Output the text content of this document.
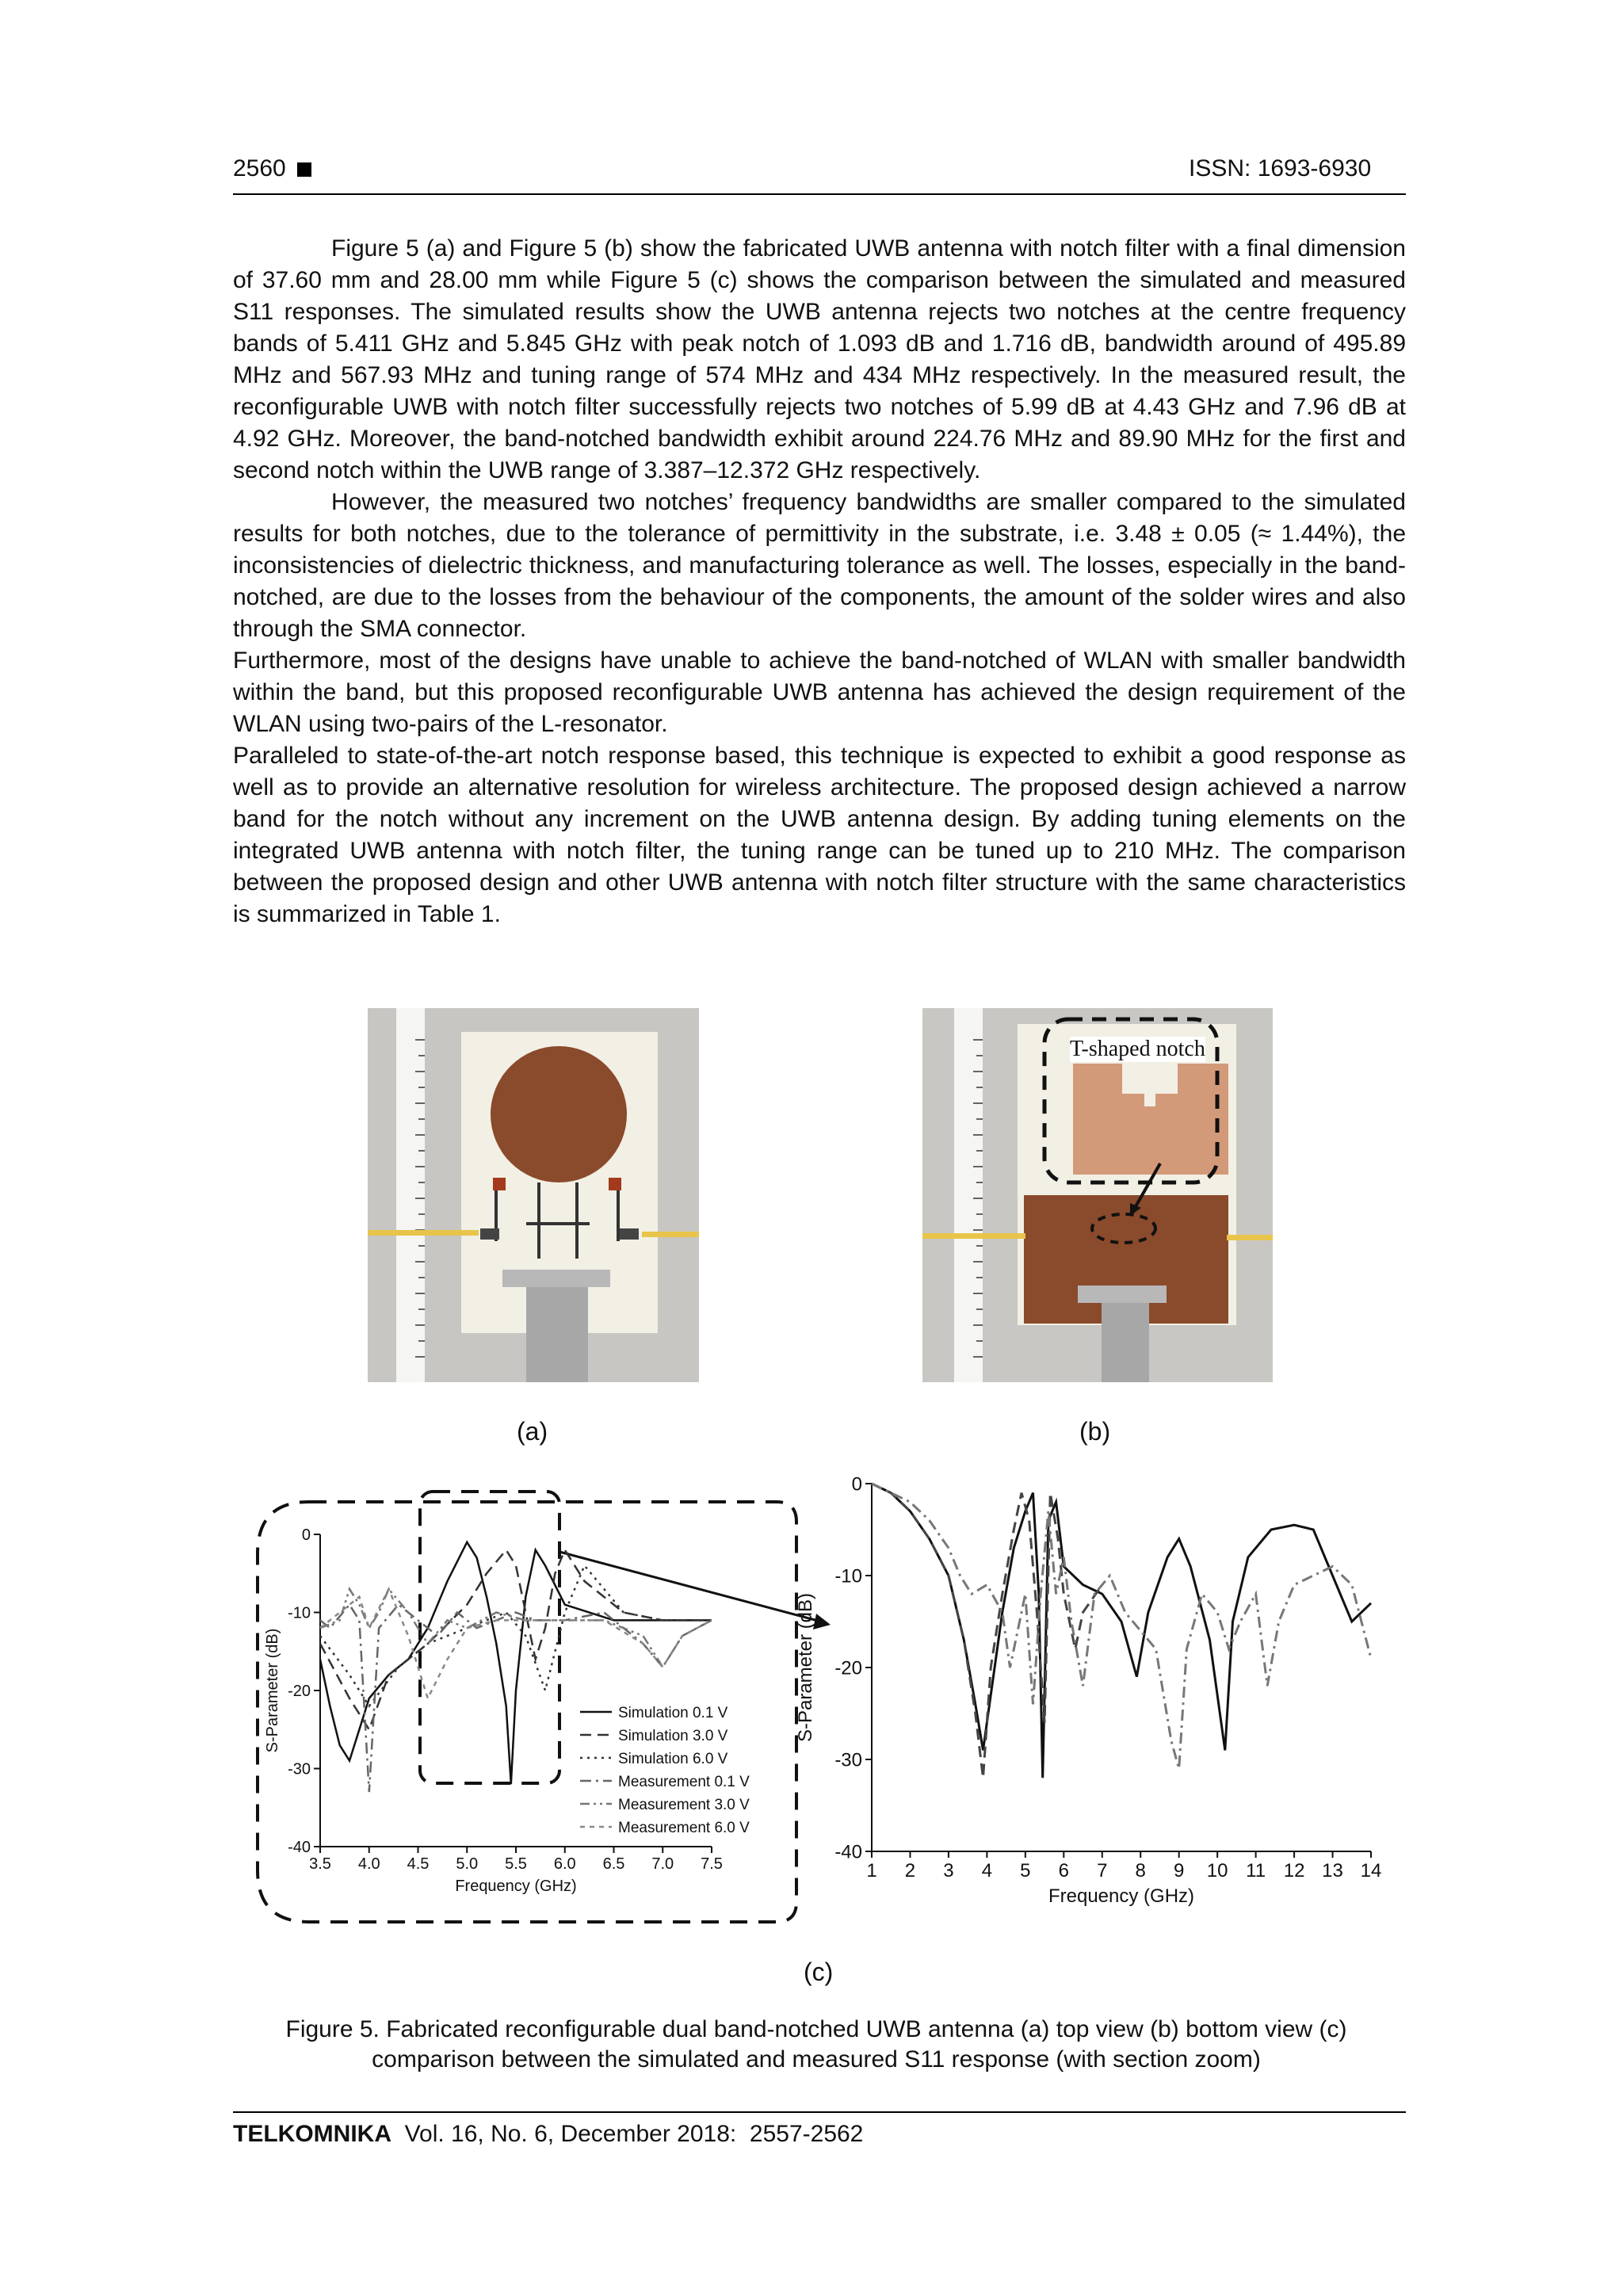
2560	ISSN: 1693-6930

Figure 5 (a) and Figure 5 (b) show the fabricated UWB antenna with notch filter with a final dimension of 37.60 mm and 28.00 mm while Figure 5 (c) shows the comparison between the simulated and measured S11 responses. The simulated results show the UWB antenna rejects two notches at the centre frequency bands of 5.411 GHz and 5.845 GHz with peak notch of 1.093 dB and 1.716 dB, bandwidth around of 495.89 MHz and 567.93 MHz and tuning range of 574 MHz and 434 MHz respectively. In the measured result, the reconfigurable UWB with notch filter successfully rejects two notches of 5.99 dB at 4.43 GHz and 7.96 dB at 4.92 GHz. Moreover, the band-notched bandwidth exhibit around 224.76 MHz and 89.90 MHz for the first and second notch within the UWB range of 3.387–12.372 GHz respectively.

However, the measured two notches’ frequency bandwidths are smaller compared to the simulated results for both notches, due to the tolerance of permittivity in the substrate, i.e. 3.48 ± 0.05 (≈ 1.44%), the inconsistencies of dielectric thickness, and manufacturing tolerance as well. The losses, especially in the band-notched, are due to the losses from the behaviour of the components, the amount of the solder wires and also through the SMA connector.

Furthermore, most of the designs have unable to achieve the band-notched of WLAN with smaller bandwidth within the band, but this proposed reconfigurable UWB antenna has achieved the design requirement of the WLAN using two-pairs of the L-resonator.

Paralleled to state-of-the-art notch response based, this technique is expected to exhibit a good response as well as to provide an alternative resolution for wireless architecture. The proposed design achieved a narrow band for the notch without any increment on the UWB antenna design. By adding tuning elements on the integrated UWB antenna with notch filter, the tuning range can be tuned up to 210 MHz. The comparison between the proposed design and other UWB antenna with notch filter structure with the same characteristics is summarized in Table 1.

T-shaped notch
(a)	(b)
3.5 4.0 4.5 5.0 5.5 6.0 6.5 7.0 7.5
0
-10
-20
-30
-40
Frequency (GHz)
S-Parameter (dB)	Simulation 0.1 V
Simulation 3.0 V
Simulation 6.0 V
Measurement 0.1 V
Measurement 3.0 V
Measurement 6.0 V
1 2 3 4 5 6 7 8 9 10 11 12 13 14
0
-10
-20
-30
-40
Frequency (GHz)
S-Parameter (dB)
(c)
Figure 5. Fabricated reconfigurable dual band-notched UWB antenna (a) top view (b) bottom view (c) comparison between the simulated and measured S11 response (with section zoom)
TELKOMNIKA  Vol. 16, No. 6, December 2018:  2557-2562
